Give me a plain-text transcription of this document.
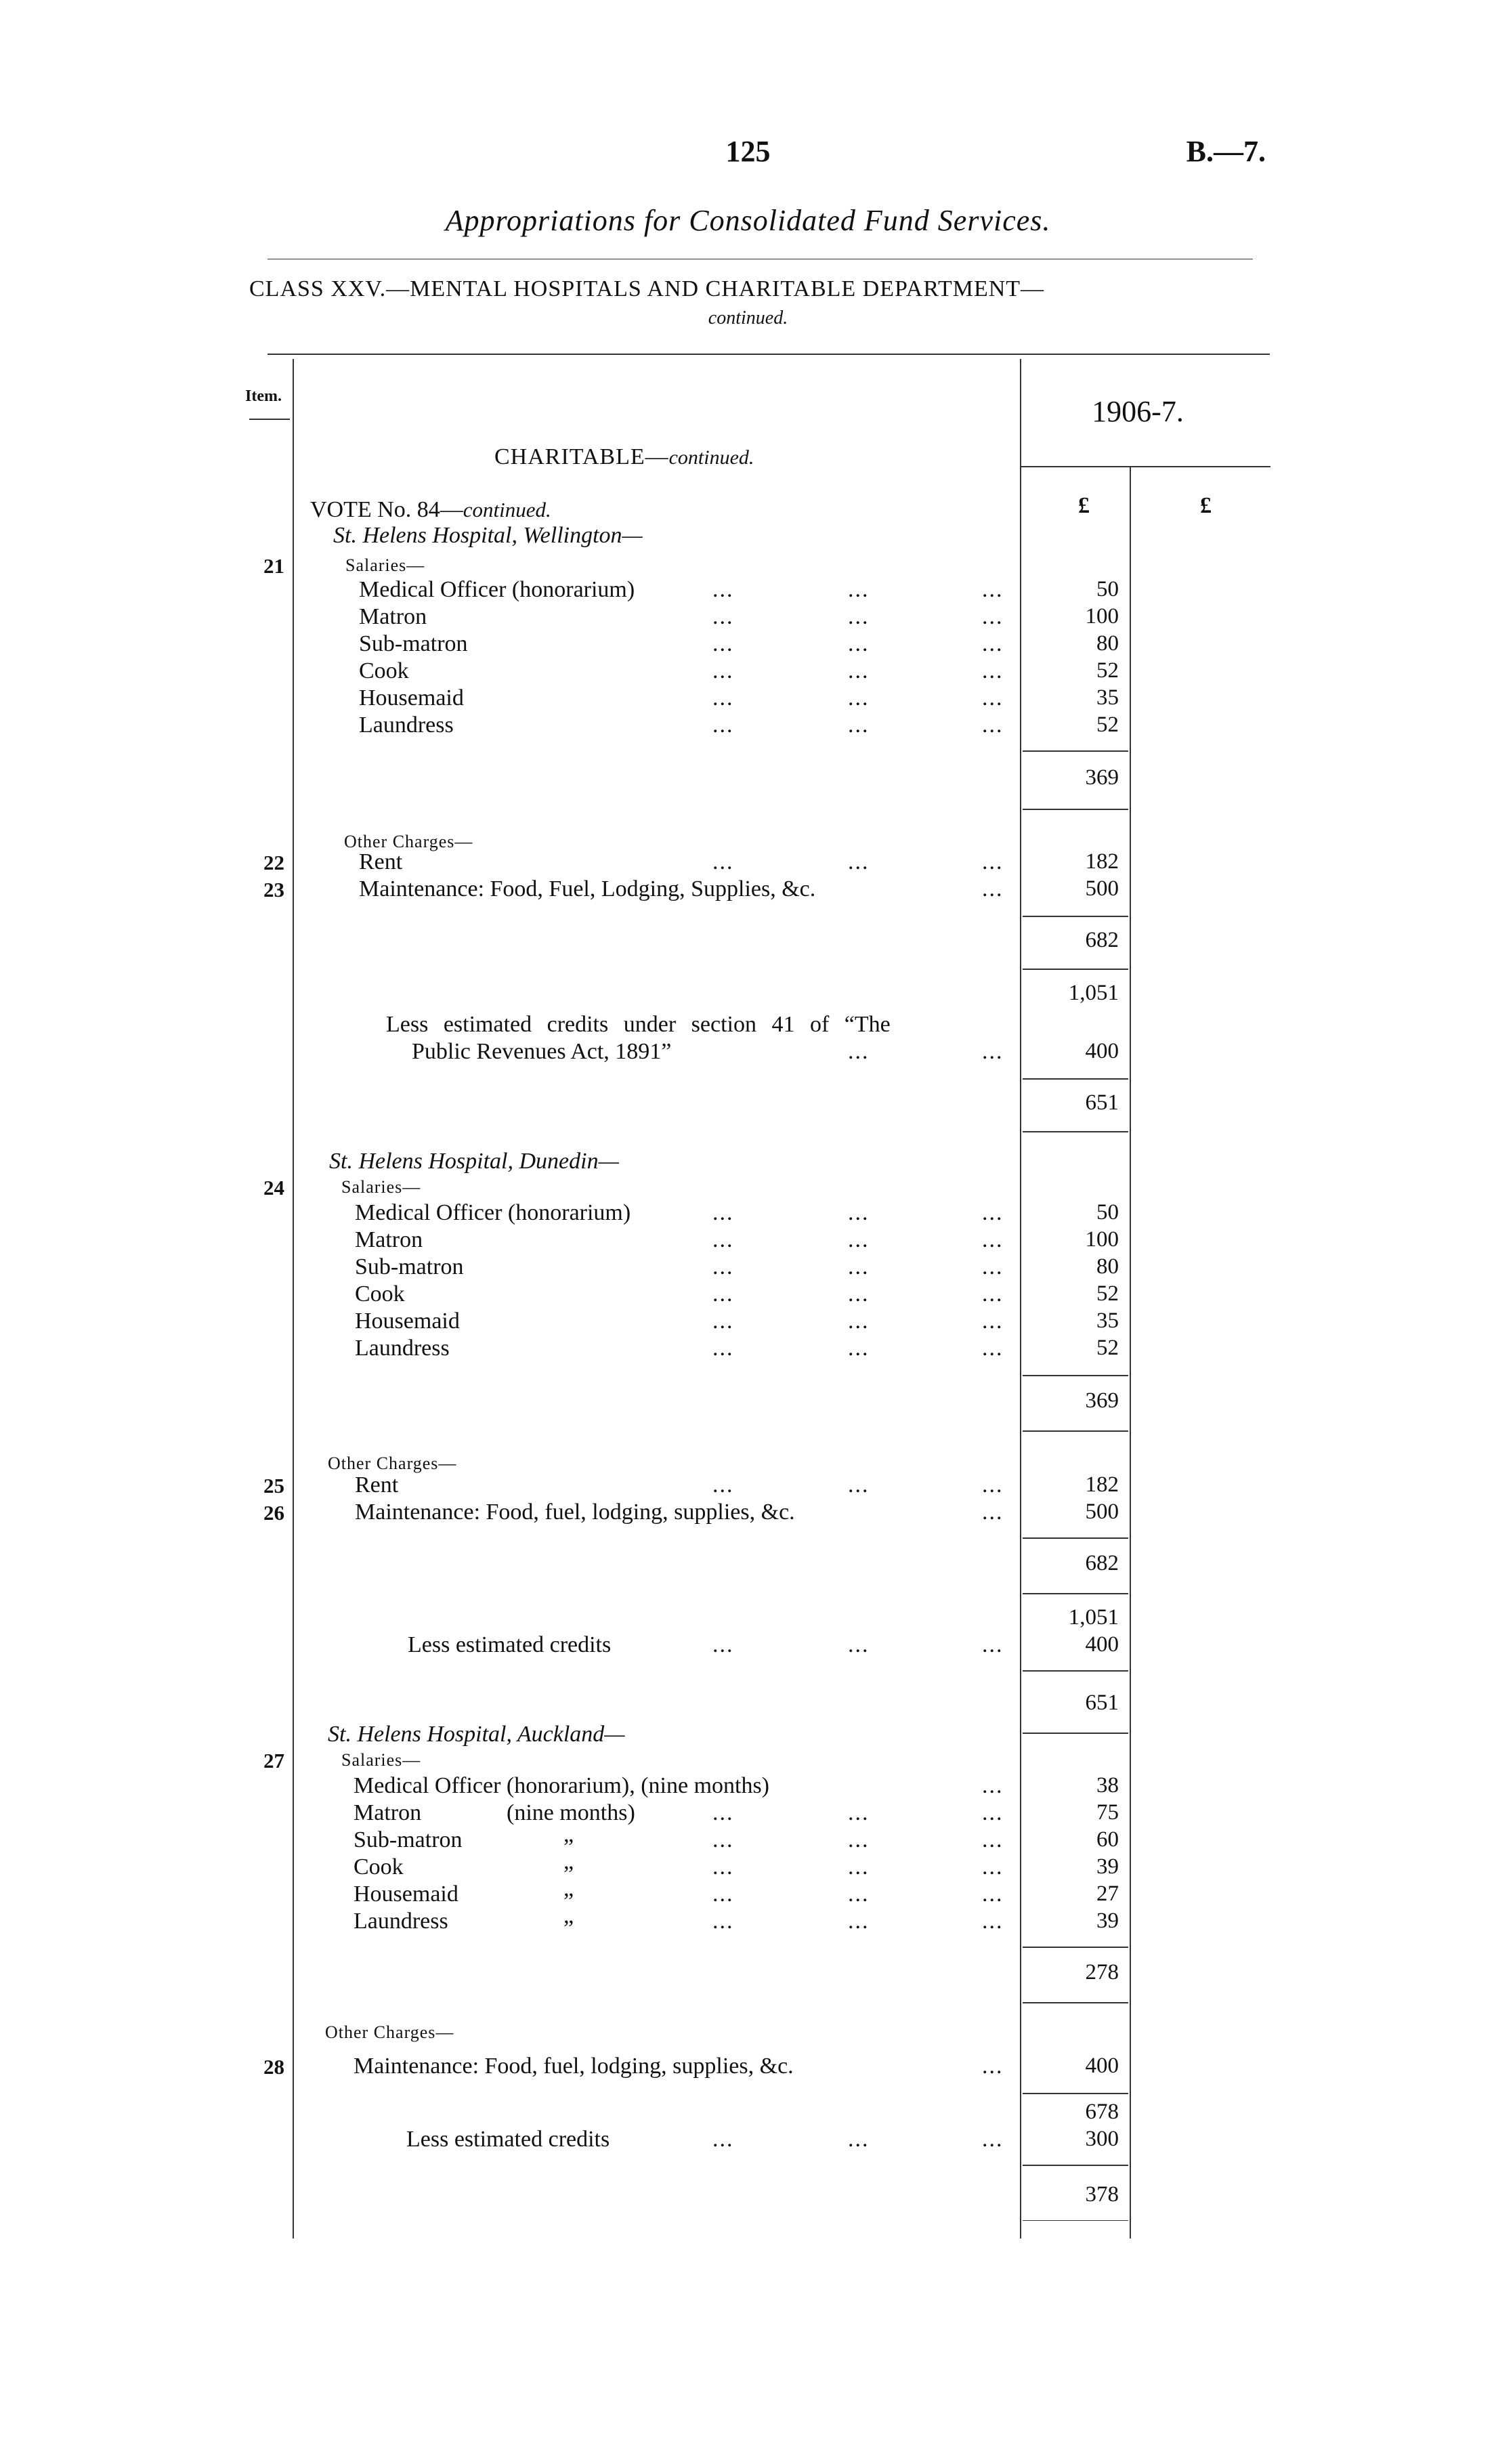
125	B.—7.
Appropriations for Consolidated Fund Services.
CLASS XXV.—MENTAL HOSPITALS AND CHARITABLE DEPARTMENT—
continued.
Item.	1906-7.
CHARITABLE—continued.
£	£
VOTE No. 84—continued.
St. Helens Hospital, Wellington—
21	Salaries—
Medical Officer (honorarium)	...	...	...	50
Matron	...	...	...	100
Sub-matron	...	...	...	80
Cook	...	...	...	52
Housemaid	...	...	...	35
Laundress	...	...	...	52
369
Other Charges—
22	Rent	...	...	...	182
23	Maintenance: Food, Fuel, Lodging, Supplies, &c.	...	500
682
1,051
Less estimated credits under section 41 of “The
Public Revenues Act, 1891”	...	...	400
651
St. Helens Hospital, Dunedin—
24	Salaries—
Medical Officer (honorarium)	...	...	...	50
Matron	...	...	...	100
Sub-matron	...	...	...	80
Cook	...	...	...	52
Housemaid	...	...	...	35
Laundress	...	...	...	52
369
Other Charges—
25	Rent	...	...	...	182
26	Maintenance: Food, fuel, lodging, supplies, &c.	...	500
682
1,051
Less estimated credits	...	...	...	400
651
St. Helens Hospital, Auckland—
27	Salaries—
Medical Officer (honorarium), (nine months)	...	38
Matron	(nine months)	...	...	...	75
Sub-matron	„	...	...	...	60
Cook	„	...	...	...	39
Housemaid	„	...	...	...	27
Laundress	„	...	...	...	39
278
Other Charges—
28	Maintenance: Food, fuel, lodging, supplies, &c.	...	400
678
Less estimated credits	...	...	...	300
378
